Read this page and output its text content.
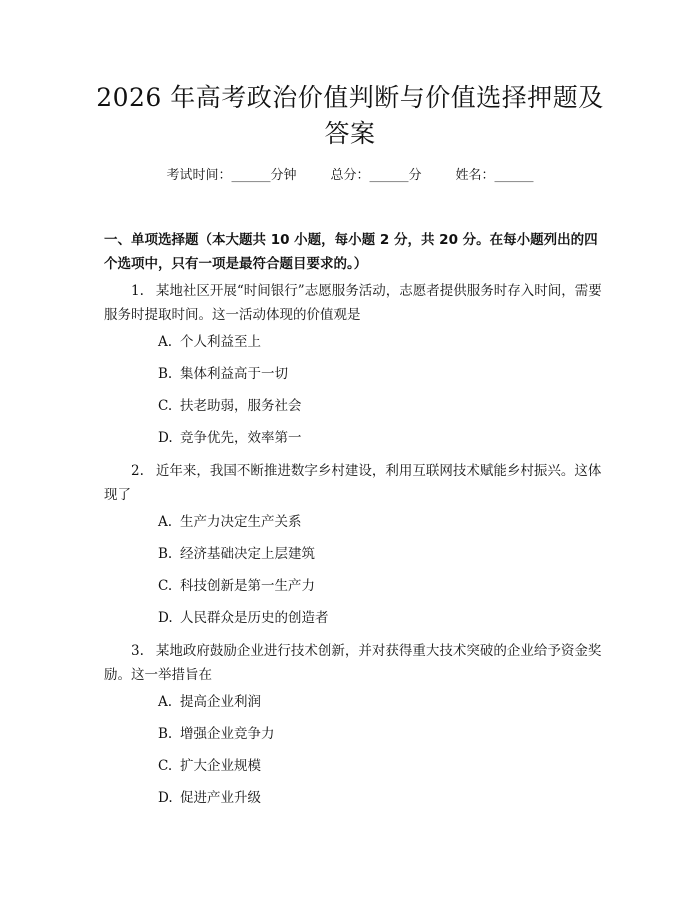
2026 年高考政治价值判断与价值选择押题及答案
考试时间：______分钟	总分：______分	姓名：______
一、单项选择题（本大题共 10 小题，每小题 2 分，共 20 分。在每小题列出的四个选项中，只有一项是最符合题目要求的。）
1. 某地社区开展“时间银行”志愿服务活动，志愿者提供服务时存入时间，需要服务时提取时间。这一活动体现的价值观是
A. 个人利益至上
B. 集体利益高于一切
C. 扶老助弱，服务社会
D. 竞争优先，效率第一
2. 近年来，我国不断推进数字乡村建设，利用互联网技术赋能乡村振兴。这体现了
A. 生产力决定生产关系
B. 经济基础决定上层建筑
C. 科技创新是第一生产力
D. 人民群众是历史的创造者
3. 某地政府鼓励企业进行技术创新，并对获得重大技术突破的企业给予资金奖励。这一举措旨在
A. 提高企业利润
B. 增强企业竞争力
C. 扩大企业规模
D. 促进产业升级
